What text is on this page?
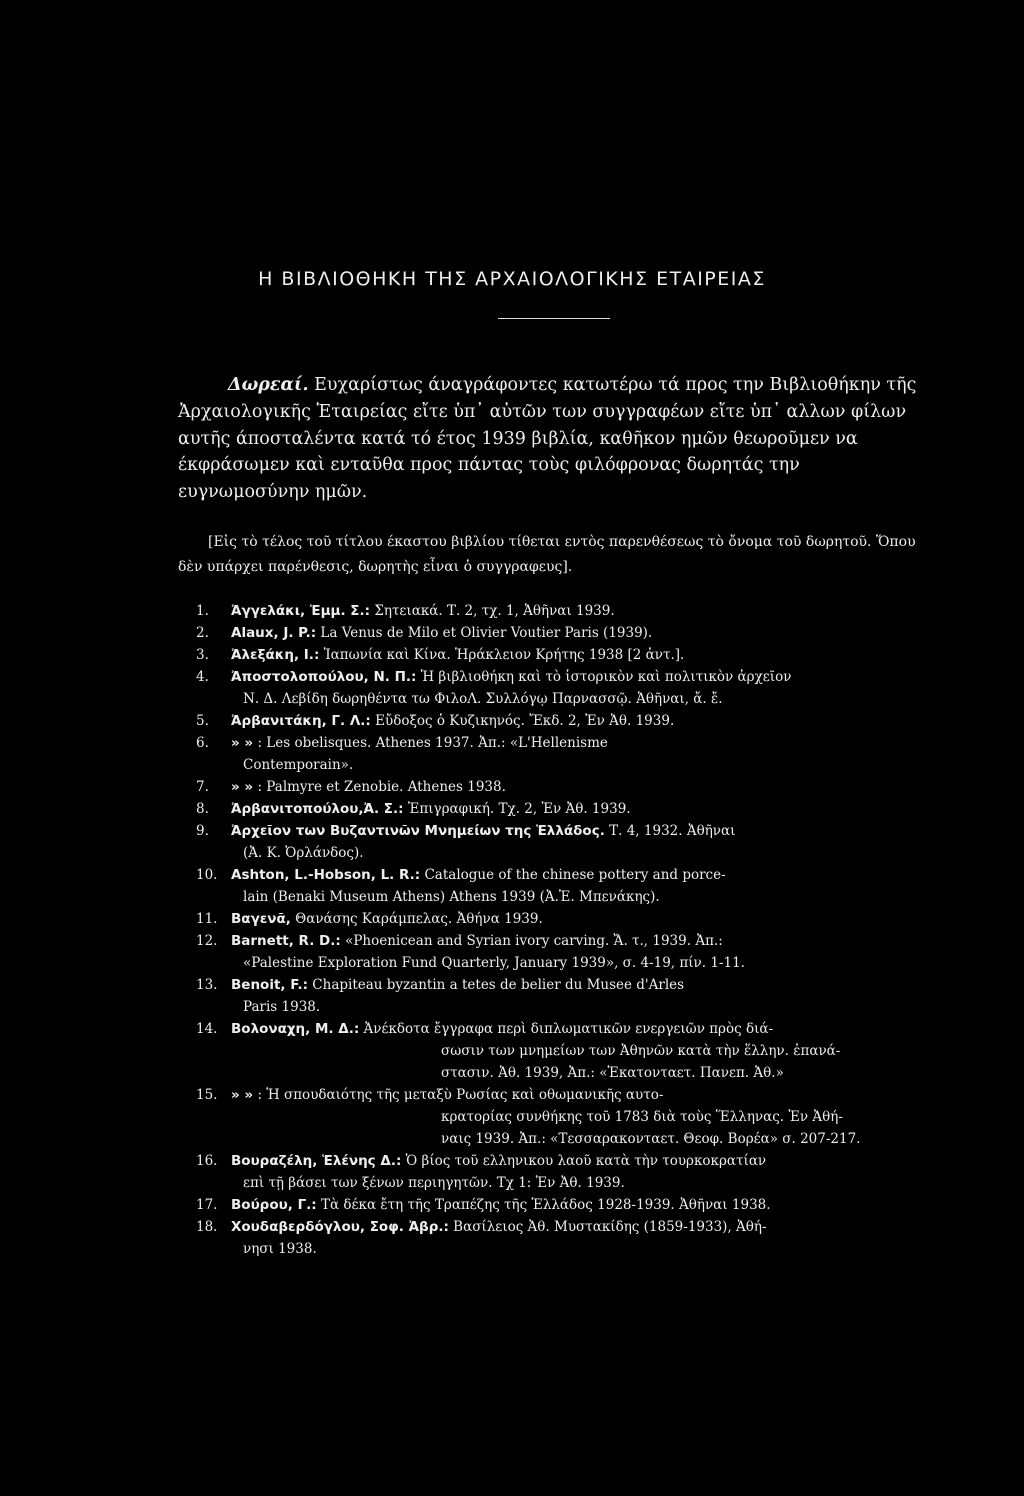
Η ΒΙΒΛΙΟΘΗΚΗ ΤΗΣ ΑΡΧΑΙΟΛΟΓΙΚΗΣ ΕΤΑΙΡΕΙΑΣ

Δωρεαί. Ευχαρίστως άναγράφοντες κατωτέρω τά προς την Βιβλιοθήκην τῆς Ἀρχαιολογικῆς Ἑταιρείας εἴτε ὑπ᾽ αὐτῶν των συγγραφέων εἴτε ὑπ᾽ αλλων φίλων αυτῆς άποσταλέντα κατά τό έτος 1939 βιβλία, καθῆκον ημῶν θεωροῦμεν να έκφράσωμεν καὶ ενταῦθα προς πάντας τοὺς φιλόφρονας δωρητάς την ευγνωμοσύνην ημῶν.

[Εἰς τὸ τέλος τοῦ τίτλου έκαστου βιβλίου τίθεται εντὸς παρενθέσεως τὸ ὄνομα τοῦ δωρητοῦ. Ὅπου δὲν υπάρχει παρένθεσις, δωρητὴς εἶναι ὁ συγγραφευς].

1.	Ἀγγελάκι, Ἑμμ. Σ.: Σητειακά. Τ. 2, τχ. 1, Ἀθῆναι 1939.
2.	Alaux, J. P.: La Venus de Milo et Olivier Voutier Paris (1939).
3.	Ἀλεξάκη, Ι.: Ἰαπωνία καὶ Κίνα. Ἡράκλειον Κρήτης 1938 [2 ἀντ.].
4.	Ἀποστολοπούλου, Ν. Π.: Ἡ βιβλιοθήκη καὶ τὸ ἱστορικὸν καὶ πολιτικὸν ἀρχεῖον
Ν. Δ. Λεβίδη δωρηθέντα τω ΦιλοΛ. Συλλόγῳ Παρνασσῷ. Ἀθῆναι, ἄ. ἔ.
5.	Ἀρβανιτάκη, Γ. Λ.: Εὔδοξος ὁ Κυζικηνός. Ἔκδ. 2, Ἐν Ἀθ. 1939.
6.	» » : Les obelisques. Athenes 1937. Ἀπ.: «L'Hellenisme
Contemporain».
7.	» » : Palmyre et Zenobie. Athenes 1938.
8.	Ἀρβανιτοπούλου,Ἀ. Σ.: Ἐπιγραφική. Τχ. 2, Ἐν Ἀθ. 1939.
9.	Ἀρχεῖον των Βυζαντινῶν Μνημείων της Ἑλλάδος. Τ. 4, 1932. Ἀθῆναι
(Ἀ. Κ. Ὀρλάνδος).
10.	Ashton, L.-Hobson, L. R.: Catalogue of the chinese pottery and porce-
lain (Benaki Museum Athens) Athens 1939 (Ἀ.Ἐ. Μπενάκης).
11.	Βαγενᾶ, Θανάσης Καράμπελας. Ἀθήνα 1939.
12.	Barnett, R. D.: «Phoenicean and Syrian ivory carving. Ἄ. τ., 1939. Ἀπ.:
«Palestine Exploration Fund Quarterly, January 1939», σ. 4-19, πίν. 1-11.
13.	Benoit, F.: Chapiteau byzantin a tetes de belier du Musee d'Arles
Paris 1938.
14.	Βολοναχη, Μ. Δ.: Ἀνέκδοτα ἔγγραφα περὶ διπλωματικῶν ενεργειῶν πρὸς διά-
σωσιν των μνημείων των Ἀθηνῶν κατὰ τὴν ἕλλην. ἐπανά-
στασιν. Ἀθ. 1939, Ἀπ.: «Ἑκατονταετ. Πανεπ. Ἀθ.»
15.	» » : Ἡ σπουδαιότης τῆς μεταξὺ Ρωσίας καὶ οθωμανικῆς αυτο-
κρατορίας συνθήκης τοῦ 1783 διὰ τοὺς Ἕλληνας. Ἐν Ἀθή-
ναις 1939. Ἀπ.: «Τεσσαρακονταετ. Θεοφ. Βορέα» σ. 207-217.
16.	Βουραζέλη, Ἑλένης Δ.: Ὁ βίος τοῦ ελληνικου λαοῦ κατὰ τὴν τουρκοκρατίαν
επὶ τῇ βάσει των ξένων περιηγητῶν. Τχ 1: Ἐν Ἀθ. 1939.
17.	Βούρου, Γ.: Τὰ δέκα ἔτη τῆς Τραπέζης τῆς Ἑλλάδος 1928-1939. Ἀθῆναι 1938.
18.	Χουδαβερδόγλου, Σοφ. Ἀβρ.: Βασίλειος Ἀθ. Μυστακίδης (1859-1933), Ἀθή-
νησι 1938.
